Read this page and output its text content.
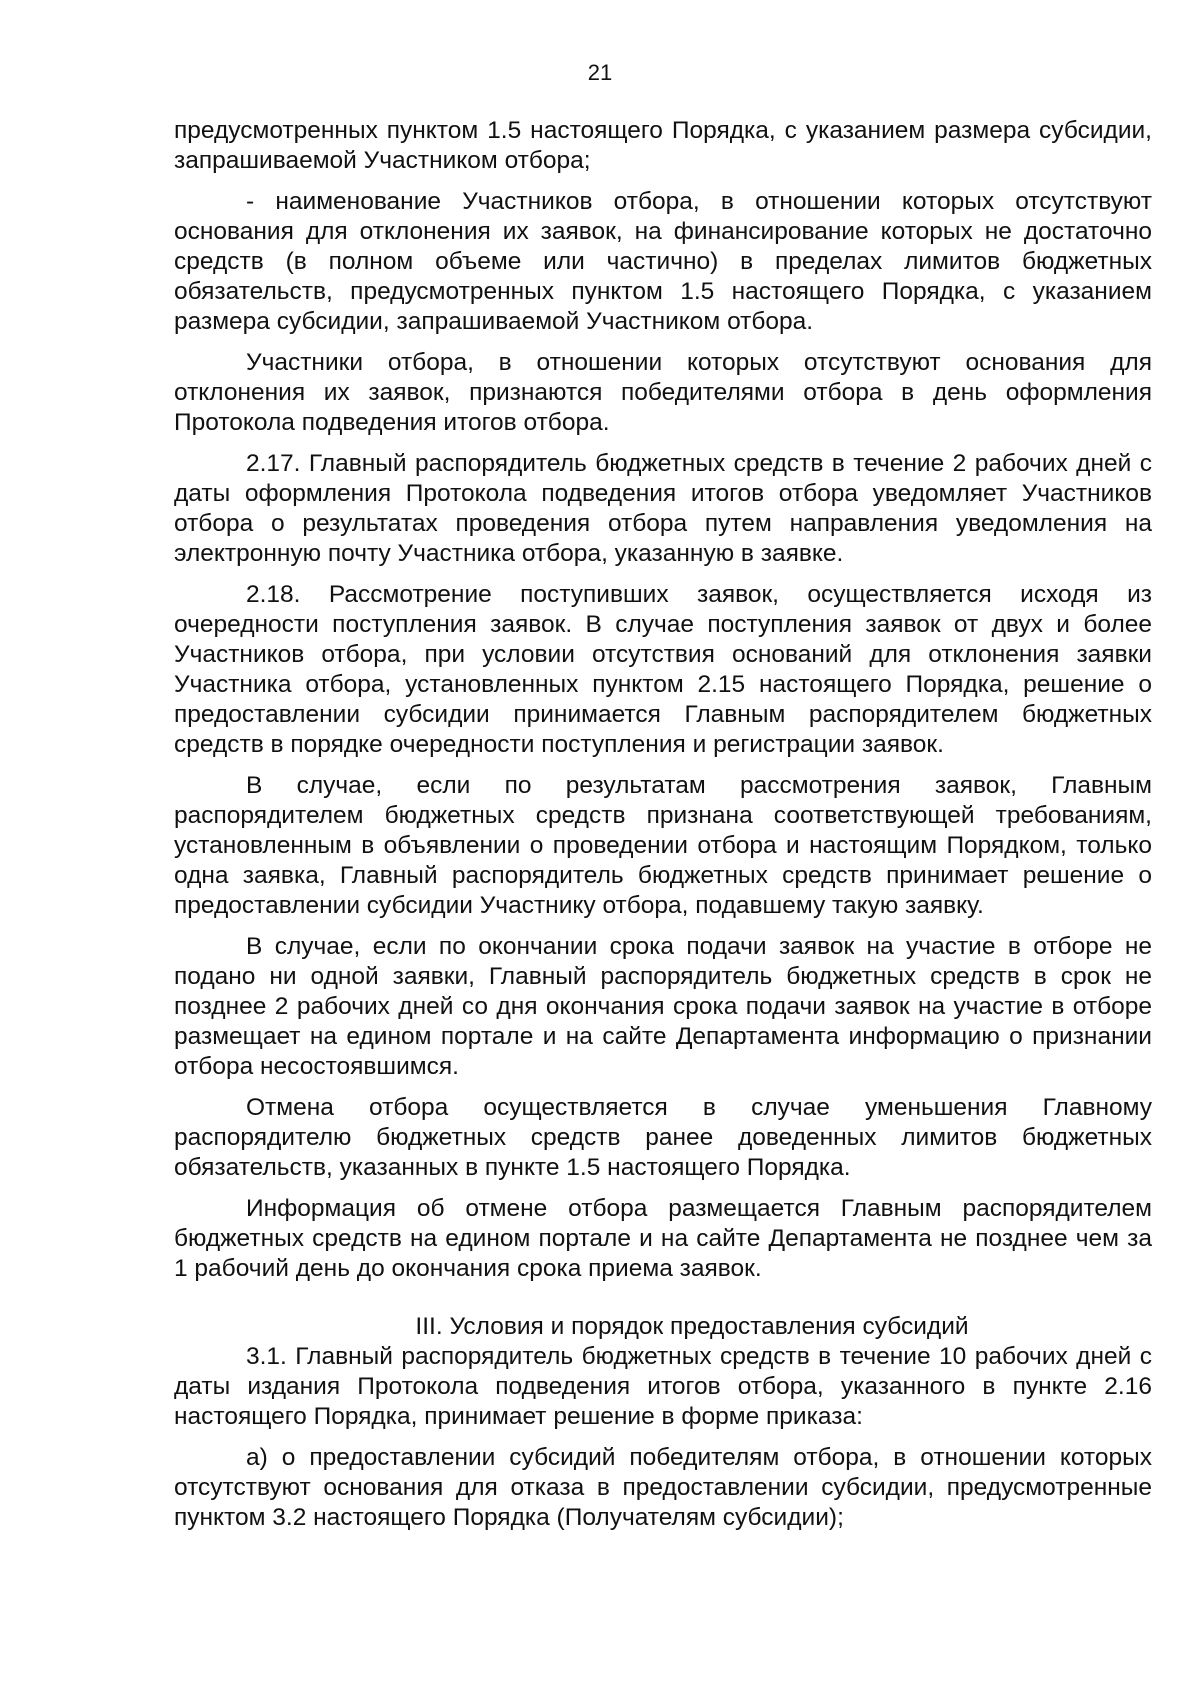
21

предусмотренных пунктом 1.5 настоящего Порядка, с указанием размера субсидии, запрашиваемой Участником отбора;

- наименование Участников отбора, в отношении которых отсутствуют основания для отклонения их заявок, на финансирование которых не достаточно средств (в полном объеме или частично) в пределах лимитов бюджетных обязательств, предусмотренных пунктом 1.5 настоящего Порядка, с указанием размера субсидии, запрашиваемой Участником отбора.

Участники отбора, в отношении которых отсутствуют основания для отклонения их заявок, признаются победителями отбора в день оформления Протокола подведения итогов отбора.

2.17. Главный распорядитель бюджетных средств в течение 2 рабочих дней с даты оформления Протокола подведения итогов отбора уведомляет Участников отбора о результатах проведения отбора путем направления уведомления на электронную почту Участника отбора, указанную в заявке.

2.18. Рассмотрение поступивших заявок, осуществляется исходя из очередности поступления заявок. В случае поступления заявок от двух и более Участников отбора, при условии отсутствия оснований для отклонения заявки Участника отбора, установленных пунктом 2.15 настоящего Порядка, решение о предоставлении субсидии принимается Главным распорядителем бюджетных средств в порядке очередности поступления и регистрации заявок.

В случае, если по результатам рассмотрения заявок, Главным распорядителем бюджетных средств признана соответствующей требованиям, установленным в объявлении о проведении отбора и настоящим Порядком, только одна заявка, Главный распорядитель бюджетных средств принимает решение о предоставлении субсидии Участнику отбора, подавшему такую заявку.

В случае, если по окончании срока подачи заявок на участие в отборе не подано ни одной заявки, Главный распорядитель бюджетных средств в срок не позднее 2 рабочих дней со дня окончания срока подачи заявок на участие в отборе размещает на едином портале и на сайте Департамента информацию о признании отбора несостоявшимся.

Отмена отбора осуществляется в случае уменьшения Главному распорядителю бюджетных средств ранее доведенных лимитов бюджетных обязательств, указанных в пункте 1.5 настоящего Порядка.

Информация об отмене отбора размещается Главным распорядителем бюджетных средств на едином портале и на сайте Департамента не позднее чем за 1 рабочий день до окончания срока приема заявок.

III. Условия и порядок предоставления субсидий

3.1. Главный распорядитель бюджетных средств в течение 10 рабочих дней с даты издания Протокола подведения итогов отбора, указанного в пункте 2.16 настоящего Порядка, принимает решение в форме приказа:

а) о предоставлении субсидий победителям отбора, в отношении которых отсутствуют основания для отказа в предоставлении субсидии, предусмотренные пунктом 3.2 настоящего Порядка (Получателям субсидии);
